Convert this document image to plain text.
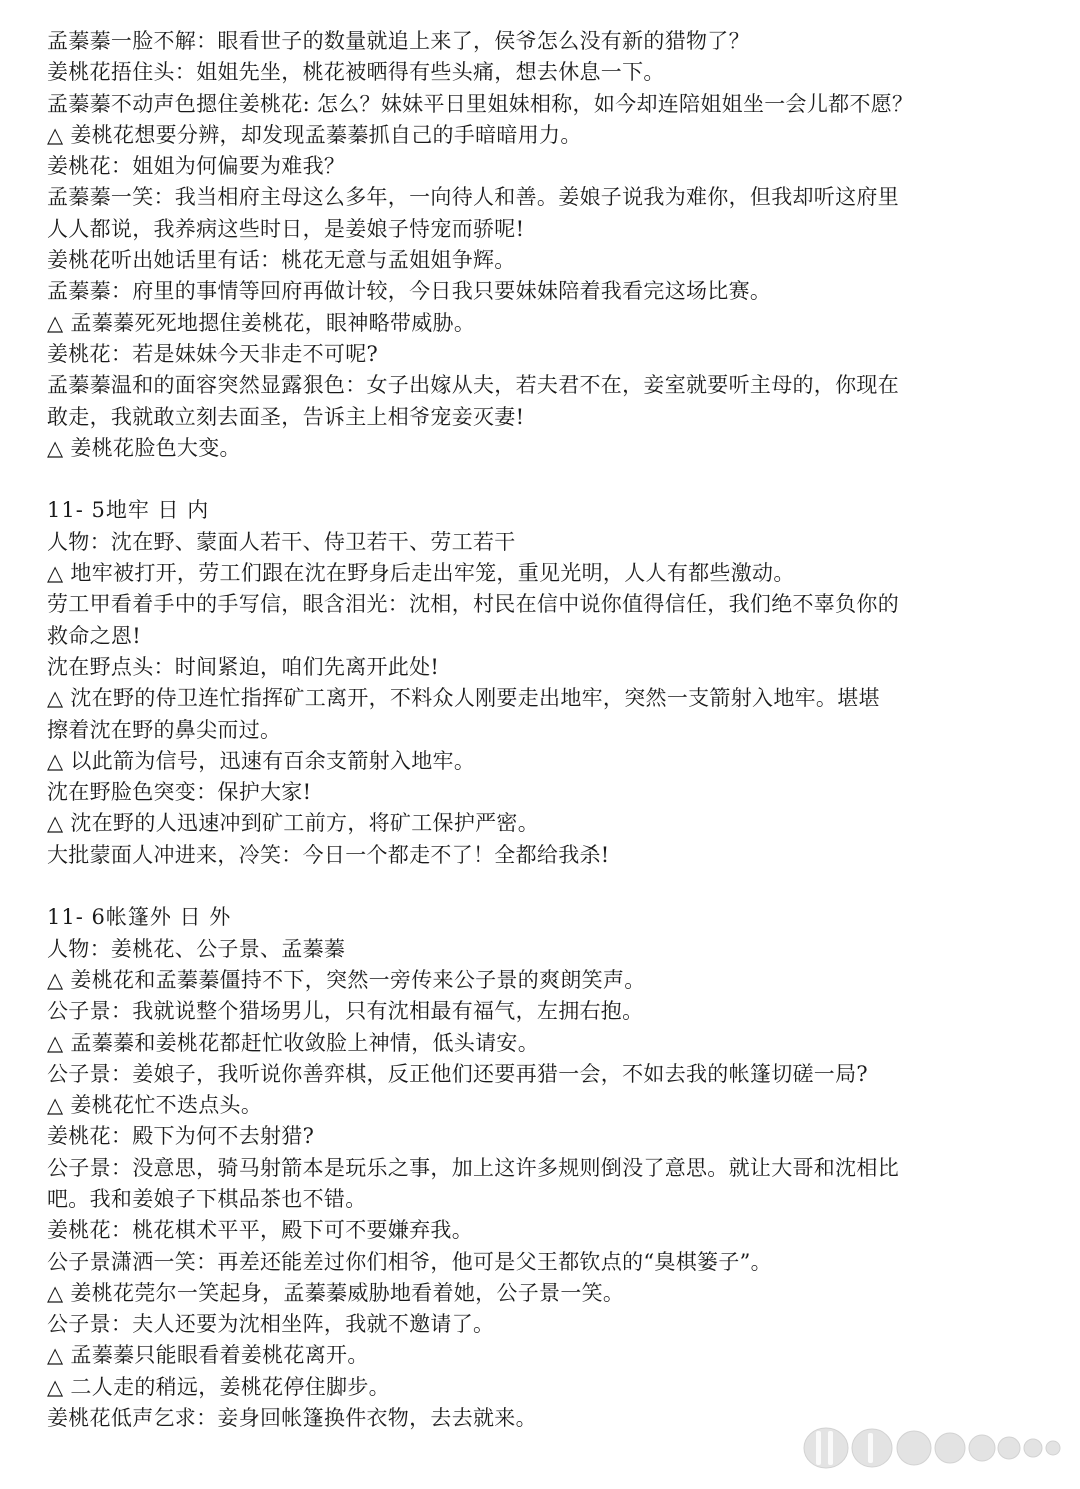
孟蓁蓁一脸不解：眼看世子的数量就追上来了，侯爷怎么没有新的猎物了？
姜桃花捂住头：姐姐先坐，桃花被晒得有些头痛，想去休息一下。
孟蓁蓁不动声色摁住姜桃花: 怎么？妹妹平日里姐妹相称，如今却连陪姐姐坐一会儿都不愿？
△ 姜桃花想要分辨，却发现孟蓁蓁抓自己的手暗暗用力。
姜桃花：姐姐为何偏要为难我？
孟蓁蓁一笑：我当相府主母这么多年，一向待人和善。姜娘子说我为难你，但我却听这府里
人人都说，我养病这些时日，是姜娘子恃宠而骄呢!
姜桃花听出她话里有话：桃花无意与孟姐姐争辉。
孟蓁蓁：府里的事情等回府再做计较，今日我只要妹妹陪着我看完这场比赛。
△ 孟蓁蓁死死地摁住姜桃花，眼神略带威胁。
姜桃花：若是妹妹今天非走不可呢?
孟蓁蓁温和的面容突然显露狠色：女子出嫁从夫，若夫君不在，妾室就要听主母的，你现在
敢走，我就敢立刻去面圣，告诉主上相爷宠妾灭妻!
△ 姜桃花脸色大变。
11- 5地牢 日 内
人物：沈在野、蒙面人若干、侍卫若干、劳工若干
△ 地牢被打开，劳工们跟在沈在野身后走出牢笼，重见光明，人人有都些激动。
劳工甲看着手中的手写信，眼含泪光：沈相，村民在信中说你值得信任，我们绝不辜负你的
救命之恩!
沈在野点头：时间紧迫，咱们先离开此处!
△ 沈在野的侍卫连忙指挥矿工离开，不料众人刚要走出地牢，突然一支箭射入地牢。堪堪
擦着沈在野的鼻尖而过。
△ 以此箭为信号，迅速有百余支箭射入地牢。
沈在野脸色突变：保护大家!
△ 沈在野的人迅速冲到矿工前方，将矿工保护严密。
大批蒙面人冲进来，冷笑：今日一个都走不了！全都给我杀!
11- 6帐篷外 日 外
人物：姜桃花、公子景、孟蓁蓁
△ 姜桃花和孟蓁蓁僵持不下，突然一旁传来公子景的爽朗笑声。
公子景：我就说整个猎场男儿，只有沈相最有福气，左拥右抱。
△ 孟蓁蓁和姜桃花都赶忙收敛脸上神情，低头请安。
公子景：姜娘子，我听说你善弈棋，反正他们还要再猎一会，不如去我的帐篷切磋一局?
△ 姜桃花忙不迭点头。
姜桃花：殿下为何不去射猎?
公子景：没意思，骑马射箭本是玩乐之事，加上这许多规则倒没了意思。就让大哥和沈相比
吧。我和姜娘子下棋品茶也不错。
姜桃花：桃花棋术平平，殿下可不要嫌弃我。
公子景潇洒一笑：再差还能差过你们相爷，他可是父王都钦点的“臭棋篓子”。
△ 姜桃花莞尔一笑起身，孟蓁蓁威胁地看着她，公子景一笑。
公子景：夫人还要为沈相坐阵，我就不邀请了。
△ 孟蓁蓁只能眼看着姜桃花离开。
△ 二人走的稍远，姜桃花停住脚步。
姜桃花低声乞求：妾身回帐篷换件衣物，去去就来。
